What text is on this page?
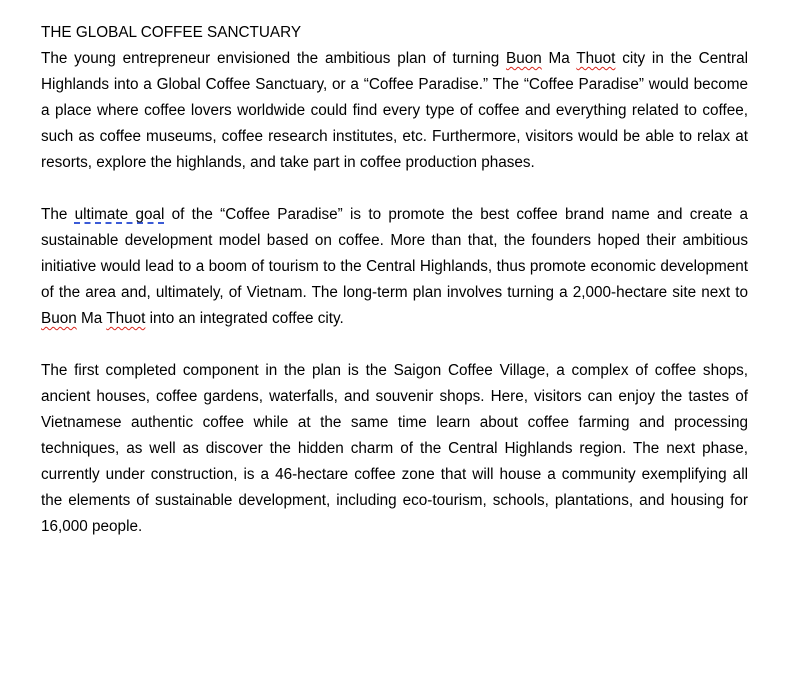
THE GLOBAL COFFEE SANCTUARY

The young entrepreneur envisioned the ambitious plan of turning Buon Ma Thuot city in the Central Highlands into a Global Coffee Sanctuary, or a “Coffee Paradise.” The “Coffee Paradise” would become a place where coffee lovers worldwide could find every type of coffee and everything related to coffee, such as coffee museums, coffee research institutes, etc. Furthermore, visitors would be able to relax at resorts, explore the highlands, and take part in coffee production phases.

The ultimate goal of the “Coffee Paradise” is to promote the best coffee brand name and create a sustainable development model based on coffee. More than that, the founders hoped their ambitious initiative would lead to a boom of tourism to the Central Highlands, thus promote economic development of the area and, ultimately, of Vietnam. The long-term plan involves turning a 2,000-hectare site next to Buon Ma Thuot into an integrated coffee city.

The first completed component in the plan is the Saigon Coffee Village, a complex of coffee shops, ancient houses, coffee gardens, waterfalls, and souvenir shops. Here, visitors can enjoy the tastes of Vietnamese authentic coffee while at the same time learn about coffee farming and processing techniques, as well as discover the hidden charm of the Central Highlands region. The next phase, currently under construction, is a 46-hectare coffee zone that will house a community exemplifying all the elements of sustainable development, including eco-tourism, schools, plantations, and housing for 16,000 people.
